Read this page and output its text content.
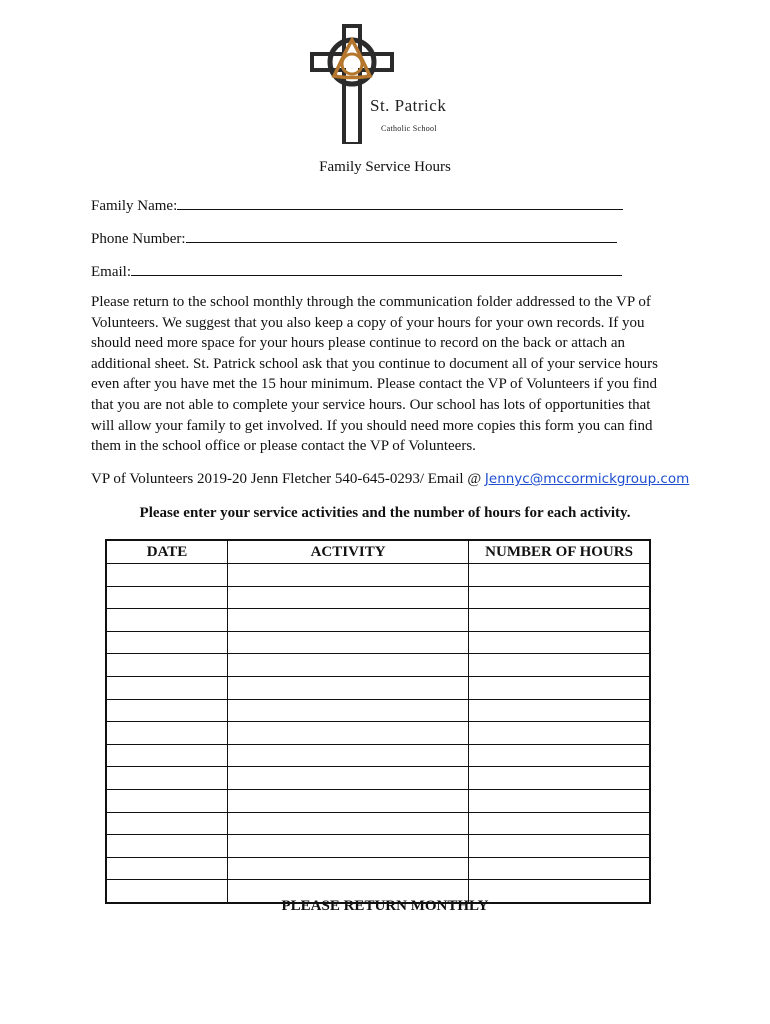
St. Patrick
Catholic School
Family Service Hours
Family Name:
Phone Number:
Email:
Please return to the school monthly through the communication folder addressed to the VP of
Volunteers. We suggest that you also keep a copy of your hours for your own records. If you
should need more space for your hours please continue to record on the back or attach an
additional sheet. St. Patrick school ask that you continue to document all of your service hours
even after you have met the 15 hour minimum. Please contact the VP of Volunteers if you find
that you are not able to complete your service hours. Our school has lots of opportunities that
will allow your family to get involved. If you should need more copies this form you can find
them in the school office or please contact the VP of Volunteers.
VP of Volunteers 2019-20 Jenn Fletcher 540-645-0293/ Email @ Jennyc@mccormickgroup.com
Please enter your service activities and the number of hours for each activity.
DATE	ACTIVITY	NUMBER OF HOURS

PLEASE RETURN MONTHLY
